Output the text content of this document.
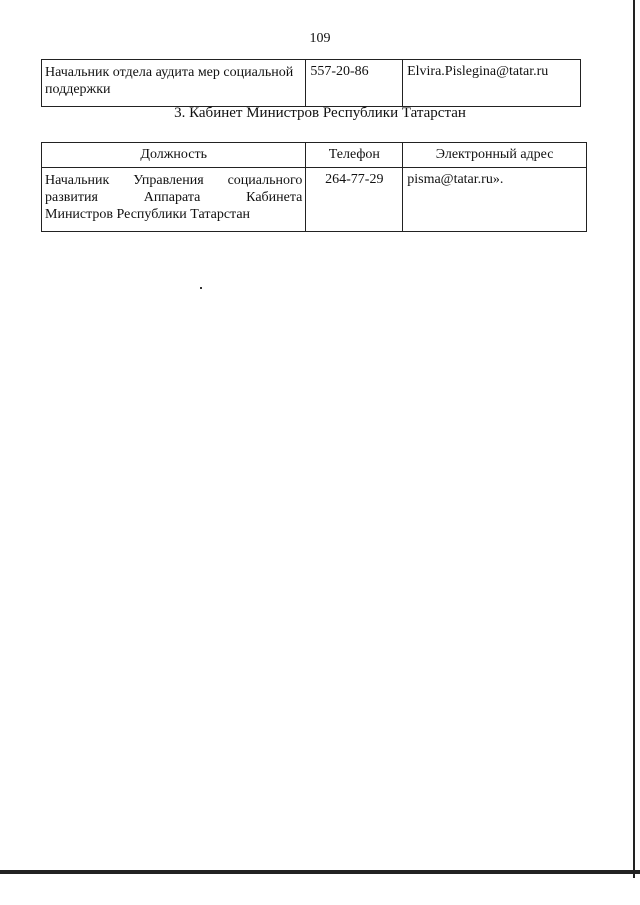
109
Начальник отдела аудита мер социальной поддержки	557-20-86	Elvira.Pislegina@tatar.ru
3. Кабинет Министров Республики Татарстан
Должность	Телефон	Электронный адрес

Начальник Управления социального
развития Аппарата Кабинета
Министров Республики Татарстан	264-77-29	pisma@tatar.ru».
